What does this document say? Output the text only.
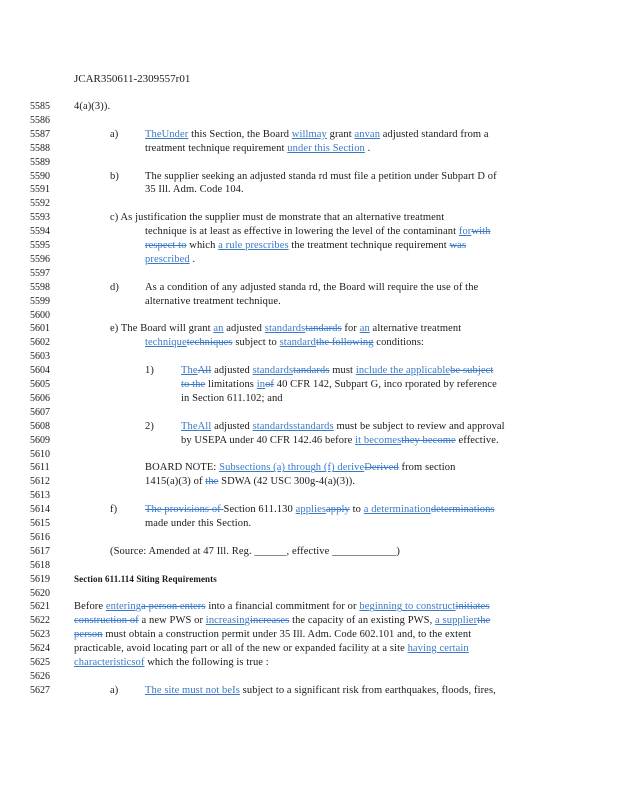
JCAR350611-2309557r01
5585
5586
5587
5588
5589
5590
5591
5592
5593
5594
5595
5596
5597
5598
5599
5600
5601
5602
5603
5604
5605
5606
5607
5608
5609
5610
5611
5612
5613
5614
5615
5616
5617
5618
5619
5620
5621
5622
5623
5624
5625
5626
5627
4(a)(3)).
a)	TheUnder this Section, the Board willmay grant anvan adjusted standard from a
treatment technique requirement under this Section .
b) The supplier seeking an adjusted standa rd must file a petition under Subpart D of
35 Ill. Adm. Code 104.
c) As justification the supplier must de monstrate that an alternative treatment
technique is at least as effective in lowering the level of the contaminant forwith
respect to which a rule prescribes the treatment technique requirement was
prescribed .
d) As a condition of any adjusted standa rd, the Board will require the use of the
alternative treatment technique.
e) The Board will grant an adjusted standardstandards for an alternative treatment
techniquetechniques subject to standardthe following conditions:
1)	TheAll adjusted standardstandards must include the applicablebe subject
to the limitations inof 40 CFR 142, Subpart G, inco rporated by reference
in Section 611.102; and
2)	TheAll adjusted standardsstandards must be subject to review and approval
by USEPA under 40 CFR 142.46 before it becomesthey become effective.
BOARD NOTE: Subsections (a) through (f) deriveDerived from section
1415(a)(3) of the SDWA (42 USC 300g-4(a)(3)).
f)	The provisions of Section 611.130 appliesapply to a determinationdeterminations
made under this Section.
(Source: Amended at 47 Ill. Reg. ______, effective ____________)
Section 611.114 Siting Requirements
Before enteringa person enters into a financial commitment for or beginning to constructinitiates
construction of a new PWS or increasingincreases the capacity of an existing PWS, a supplierthe
person must obtain a construction permit under 35 Ill. Adm. Code 602.101 and, to the extent
practicable, avoid locating part or all of the new or expanded facility at a site having certain
characteristicsof which the following is true :
a)	The site must not beIs subject to a significant risk from earthquakes, floods, fires,
